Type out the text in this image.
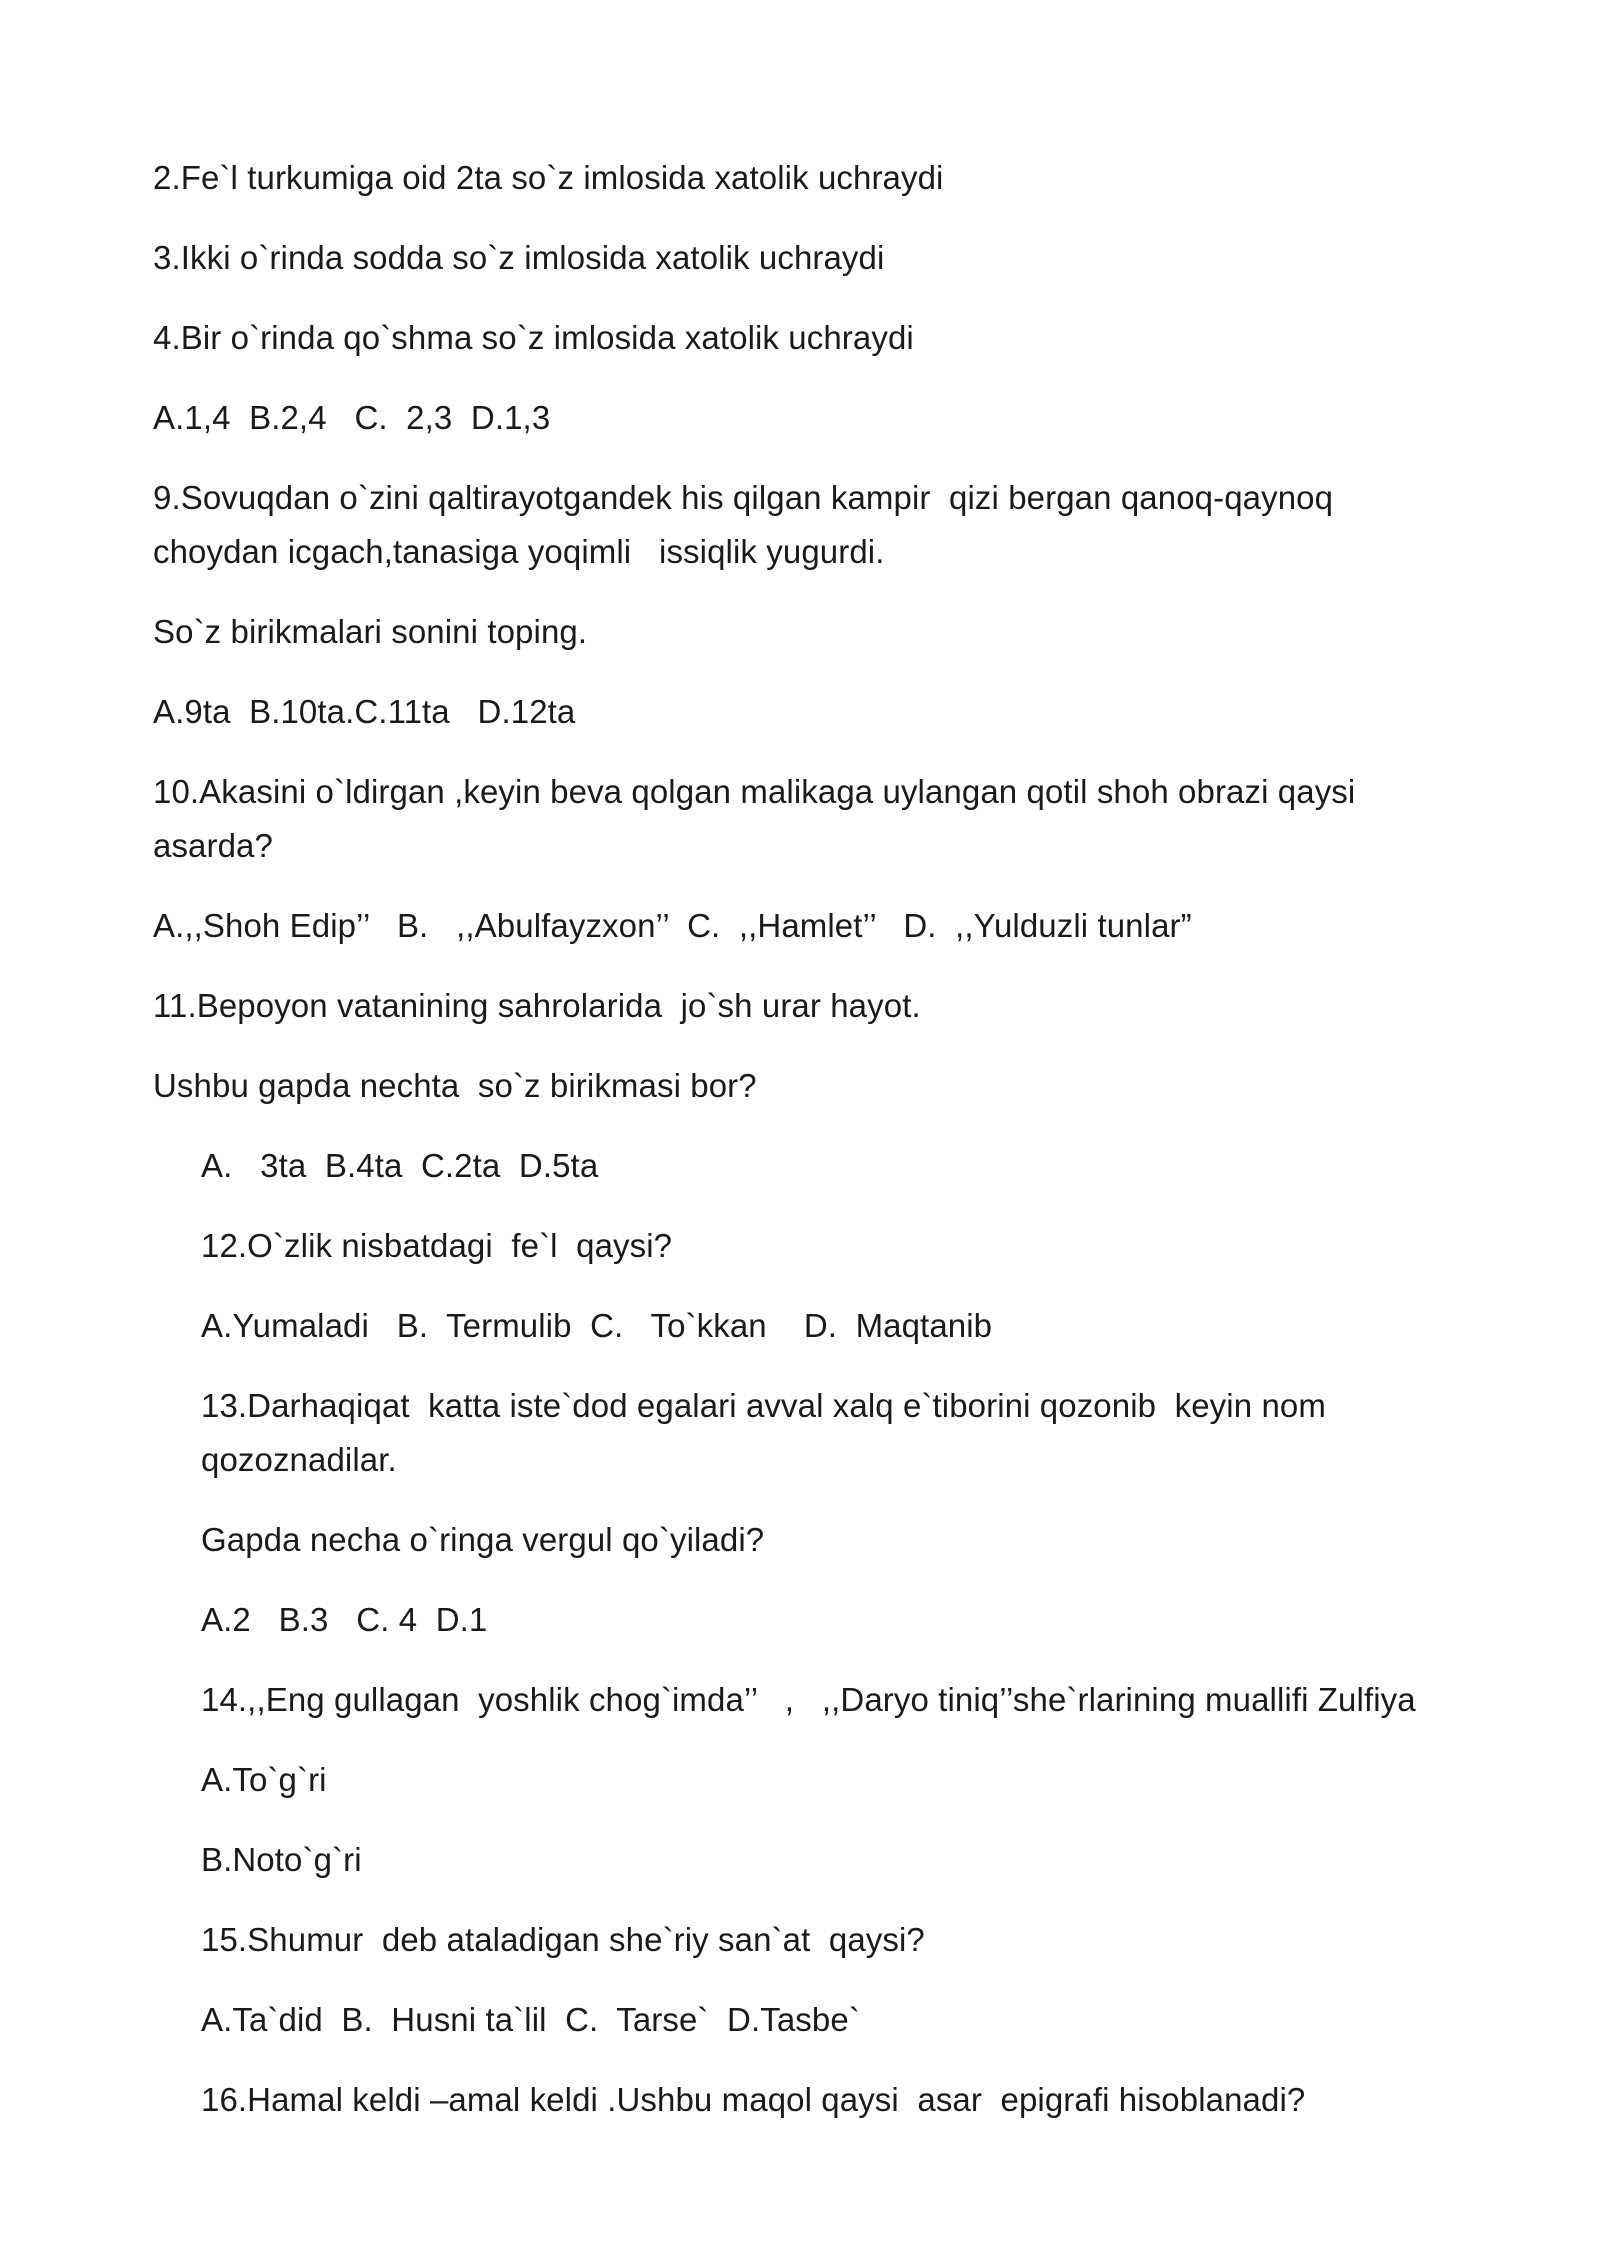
2.Fe`l turkumiga oid 2ta so`z imlosida xatolik uchraydi
3.Ikki o`rinda sodda so`z imlosida xatolik uchraydi
4.Bir o`rinda qo`shma so`z imlosida xatolik uchraydi
A.1,4  B.2,4   C.  2,3  D.1,3
9.Sovuqdan o`zini qaltirayotgandek his qilgan kampir  qizi bergan qanoq-qaynoq
choydan icgach,tanasiga yoqimli   issiqlik yugurdi.
So`z birikmalari sonini toping.
A.9ta  B.10ta.C.11ta   D.12ta
10.Akasini o`ldirgan ,keyin beva qolgan malikaga uylangan qotil shoh obrazi qaysi
asarda?
A.,,Shoh Edip’’   B.   ,,Abulfayzxon’’  C.  ,,Hamlet’’   D.  ,,Yulduzli tunlar”
11.Bepoyon vatanining sahrolarida  jo`sh urar hayot.
Ushbu gapda nechta  so`z birikmasi bor?
A.   3ta  B.4ta  C.2ta  D.5ta
12.O`zlik nisbatdagi  fe`l  qaysi?
A.Yumaladi   B.  Termulib  C.   To`kkan    D.  Maqtanib
13.Darhaqiqat  katta iste`dod egalari avval xalq e`tiborini qozonib  keyin nom
qozoznadilar.
Gapda necha o`ringa vergul qo`yiladi?
A.2   B.3   C. 4  D.1
14.,,Eng gullagan  yoshlik chog`imda’’   ,   ,,Daryo tiniq’’she`rlarining muallifi Zulfiya
A.To`g`ri
B.Noto`g`ri
15.Shumur  deb ataladigan she`riy san`at  qaysi?
A.Ta`did  B.  Husni ta`lil  C.  Tarse`  D.Tasbe`
16.Hamal keldi –amal keldi .Ushbu maqol qaysi  asar  epigrafi hisoblanadi?
